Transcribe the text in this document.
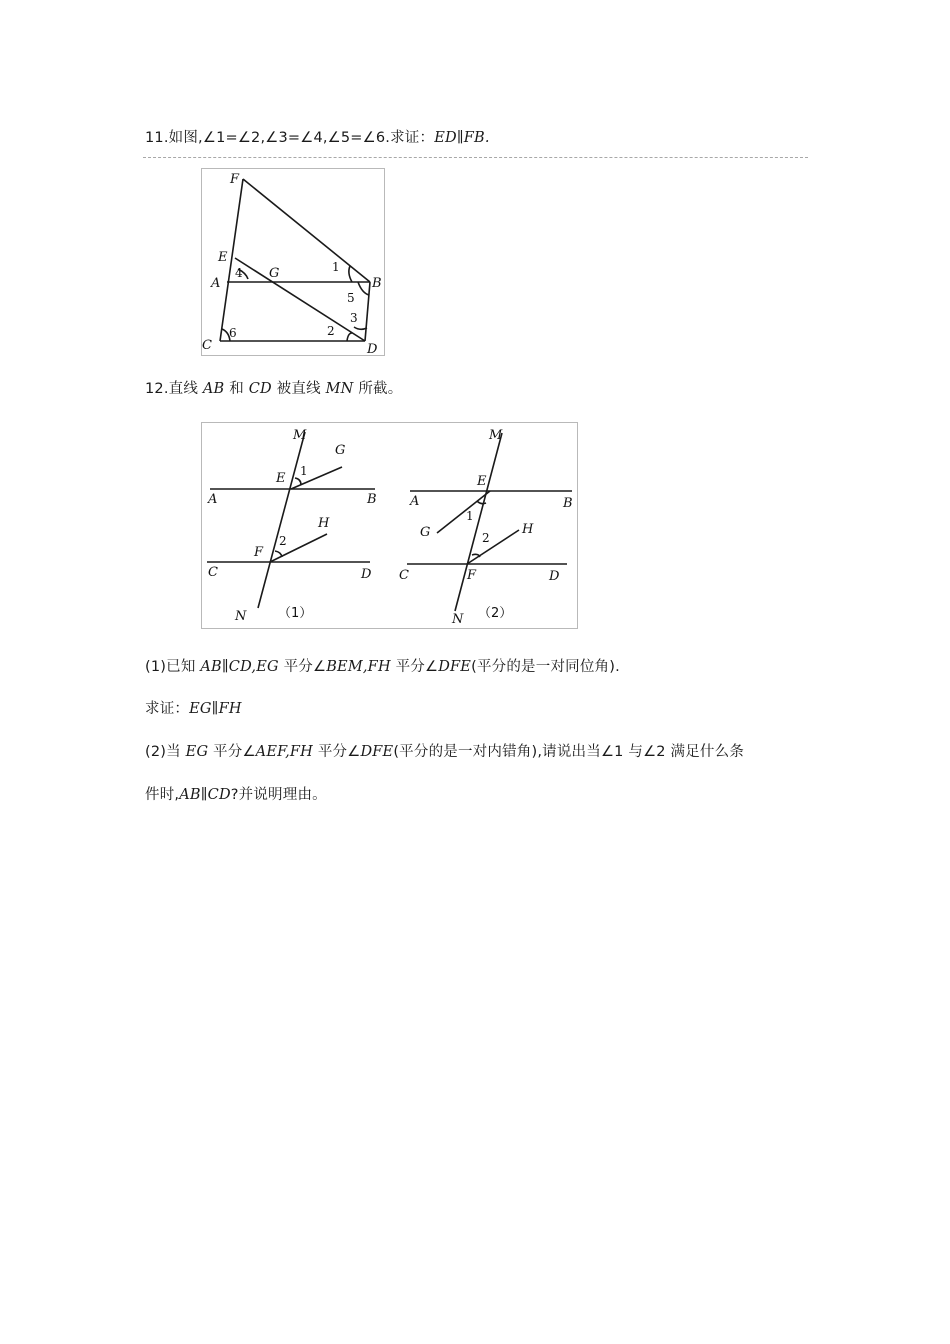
11.如图,∠1=∠2,∠3=∠4,∠5=∠6.求证：ED∥FB.
F
E
A
G
B
C	D
4	1
5
3
2
6
12.直线 AB 和 CD 被直线 MN 所截。
M
G
E 1
A	B
H
2
F
C	D
N （1）
M
E
A	B
1
G	H
2
C	F	D
N （2）
(1)已知 AB∥CD,EG 平分∠BEM,FH 平分∠DFE(平分的是一对同位角).
求证：EG∥FH
(2)当 EG 平分∠AEF,FH 平分∠DFE(平分的是一对内错角),请说出当∠1 与∠2 满足什么条
件时,AB∥CD?并说明理由。
